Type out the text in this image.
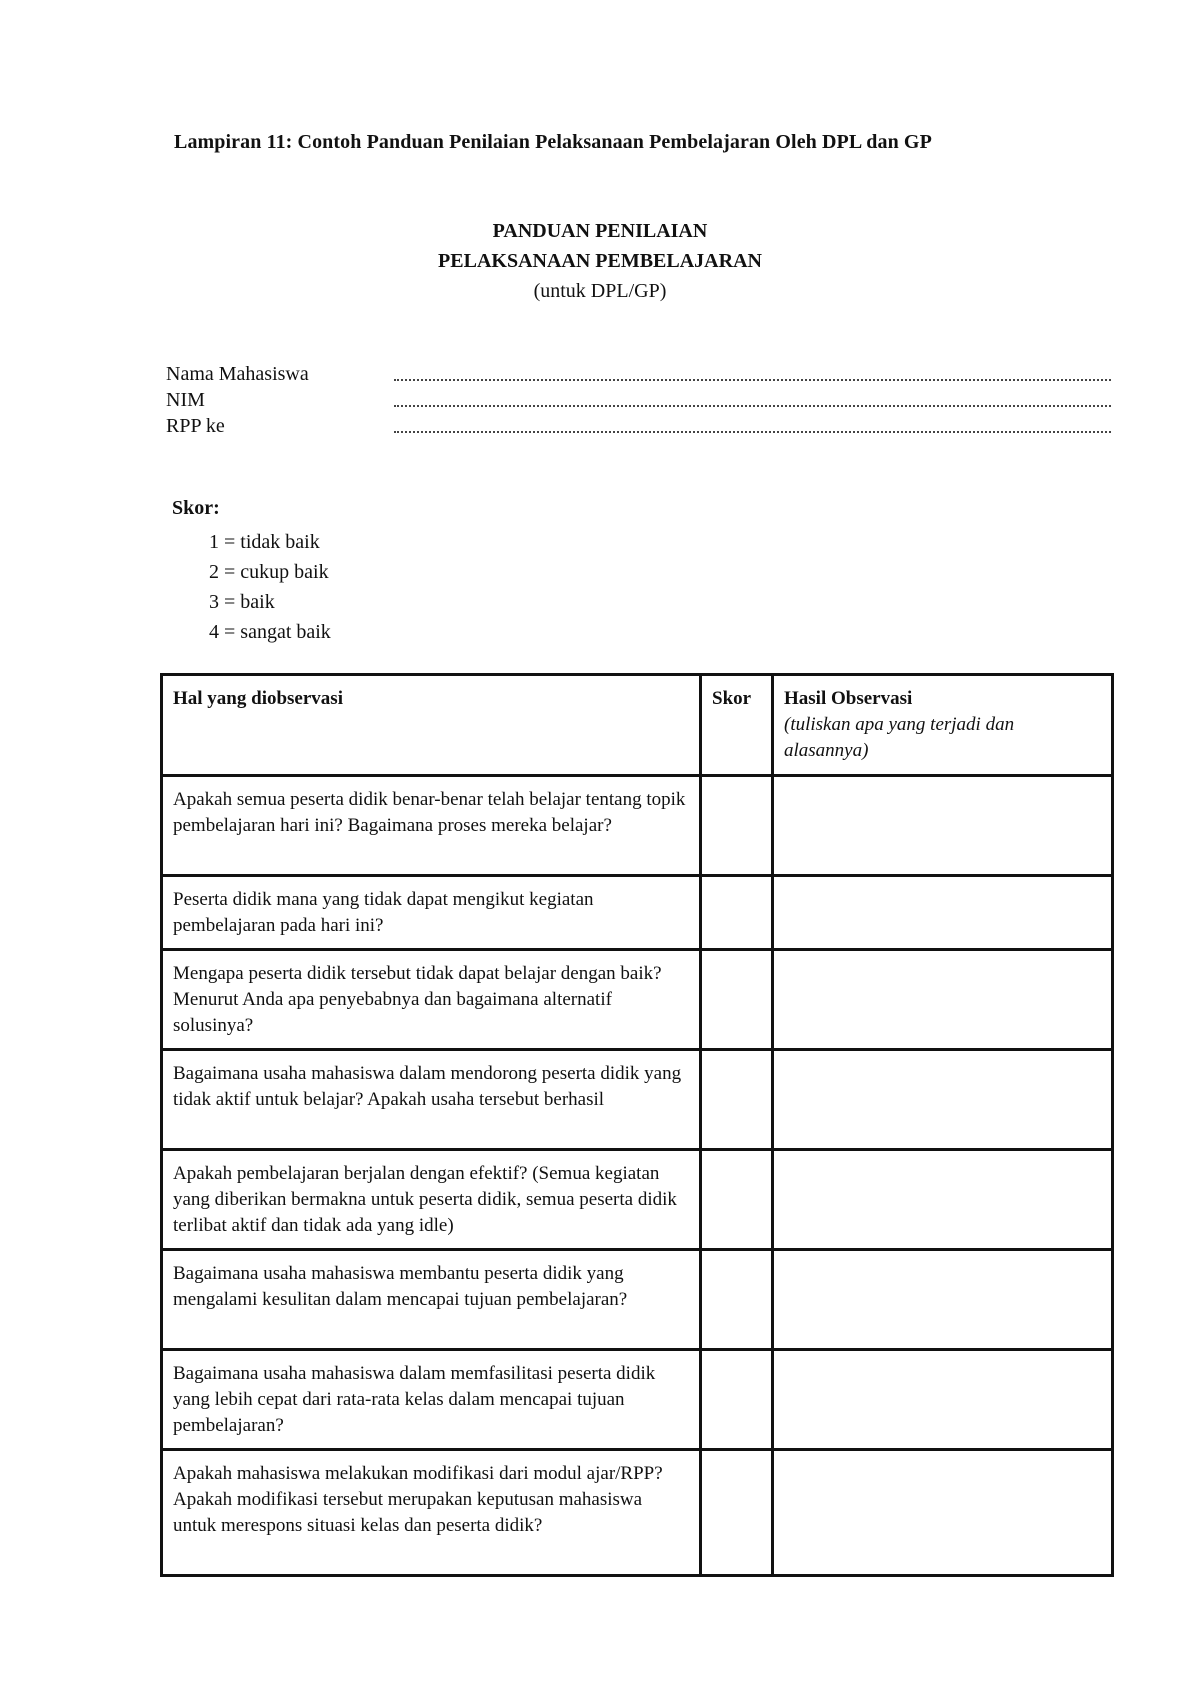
Lampiran 11: Contoh Panduan Penilaian Pelaksanaan Pembelajaran Oleh DPL dan GP
PANDUAN PENILAIAN
PELAKSANAAN PEMBELAJARAN
(untuk DPL/GP)
Nama Mahasiswa
NIM
RPP ke
Skor:
1 = tidak baik
2 = cukup baik
3 = baik
4 = sangat baik
Hal yang diobservasi	Skor	Hasil Observasi
(tuliskan apa yang terjadi dan alasannya)

Apakah semua peserta didik benar-benar telah belajar tentang topik pembelajaran hari ini? Bagaimana proses mereka belajar?		
Peserta didik mana yang tidak dapat mengikut kegiatan pembelajaran pada hari ini?		
Mengapa peserta didik tersebut tidak dapat belajar dengan baik? Menurut Anda apa penyebabnya dan bagaimana alternatif solusinya?		
Bagaimana usaha mahasiswa dalam mendorong peserta didik yang tidak aktif untuk belajar? Apakah usaha tersebut berhasil		
Apakah pembelajaran berjalan dengan efektif? (Semua kegiatan yang diberikan bermakna untuk peserta didik, semua peserta didik terlibat aktif dan tidak ada yang idle)		
Bagaimana usaha mahasiswa membantu peserta didik yang mengalami kesulitan dalam mencapai tujuan pembelajaran?		
Bagaimana usaha mahasiswa dalam memfasilitasi peserta didik yang lebih cepat dari rata-rata kelas dalam mencapai tujuan pembelajaran?		
Apakah mahasiswa melakukan modifikasi dari modul ajar/RPP? Apakah modifikasi tersebut merupakan keputusan mahasiswa untuk merespons situasi kelas dan peserta didik?		
